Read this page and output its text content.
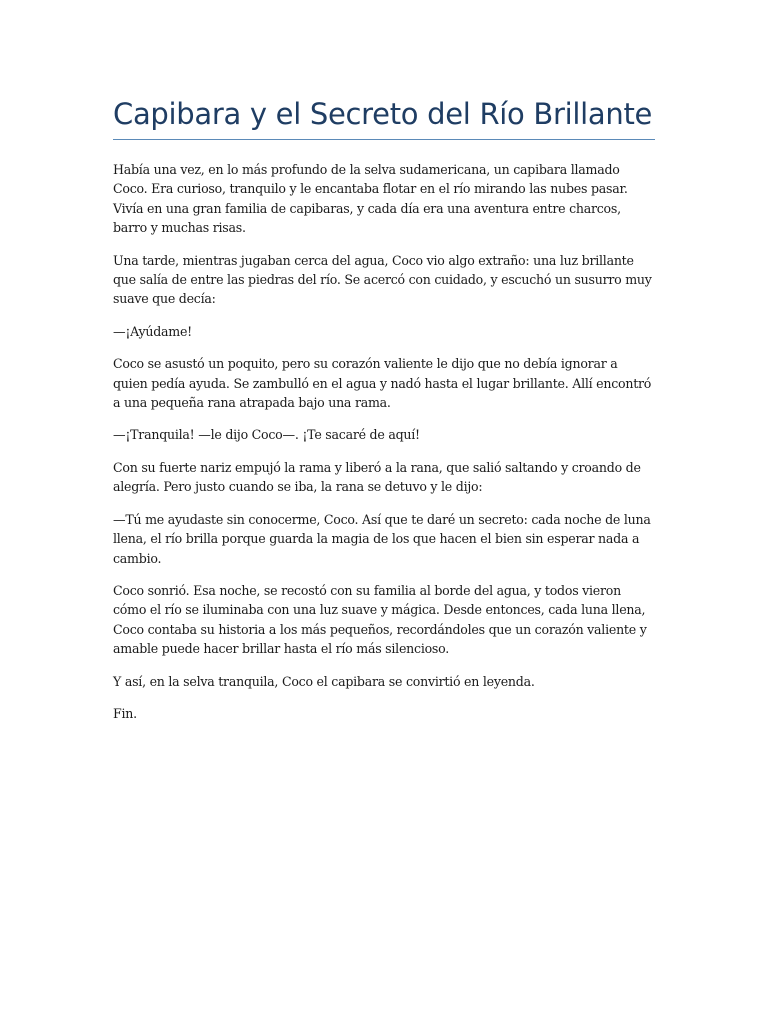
Capibara y el Secreto del Río Brillante

Había una vez, en lo más profundo de la selva sudamericana, un capibara llamado Coco. Era curioso, tranquilo y le encantaba flotar en el río mirando las nubes pasar. Vivía en una gran familia de capibaras, y cada día era una aventura entre charcos, barro y muchas risas.

Una tarde, mientras jugaban cerca del agua, Coco vio algo extraño: una luz brillante que salía de entre las piedras del río. Se acercó con cuidado, y escuchó un susurro muy suave que decía:

—¡Ayúdame!

Coco se asustó un poquito, pero su corazón valiente le dijo que no debía ignorar a quien pedía ayuda. Se zambulló en el agua y nadó hasta el lugar brillante. Allí encontró a una pequeña rana atrapada bajo una rama.

—¡Tranquila! —le dijo Coco—. ¡Te sacaré de aquí!

Con su fuerte nariz empujó la rama y liberó a la rana, que salió saltando y croando de alegría. Pero justo cuando se iba, la rana se detuvo y le dijo:

—Tú me ayudaste sin conocerme, Coco. Así que te daré un secreto: cada noche de luna llena, el río brilla porque guarda la magia de los que hacen el bien sin esperar nada a cambio.

Coco sonrió. Esa noche, se recostó con su familia al borde del agua, y todos vieron cómo el río se iluminaba con una luz suave y mágica. Desde entonces, cada luna llena, Coco contaba su historia a los más pequeños, recordándoles que un corazón valiente y amable puede hacer brillar hasta el río más silencioso.

Y así, en la selva tranquila, Coco el capibara se convirtió en leyenda.

Fin.
